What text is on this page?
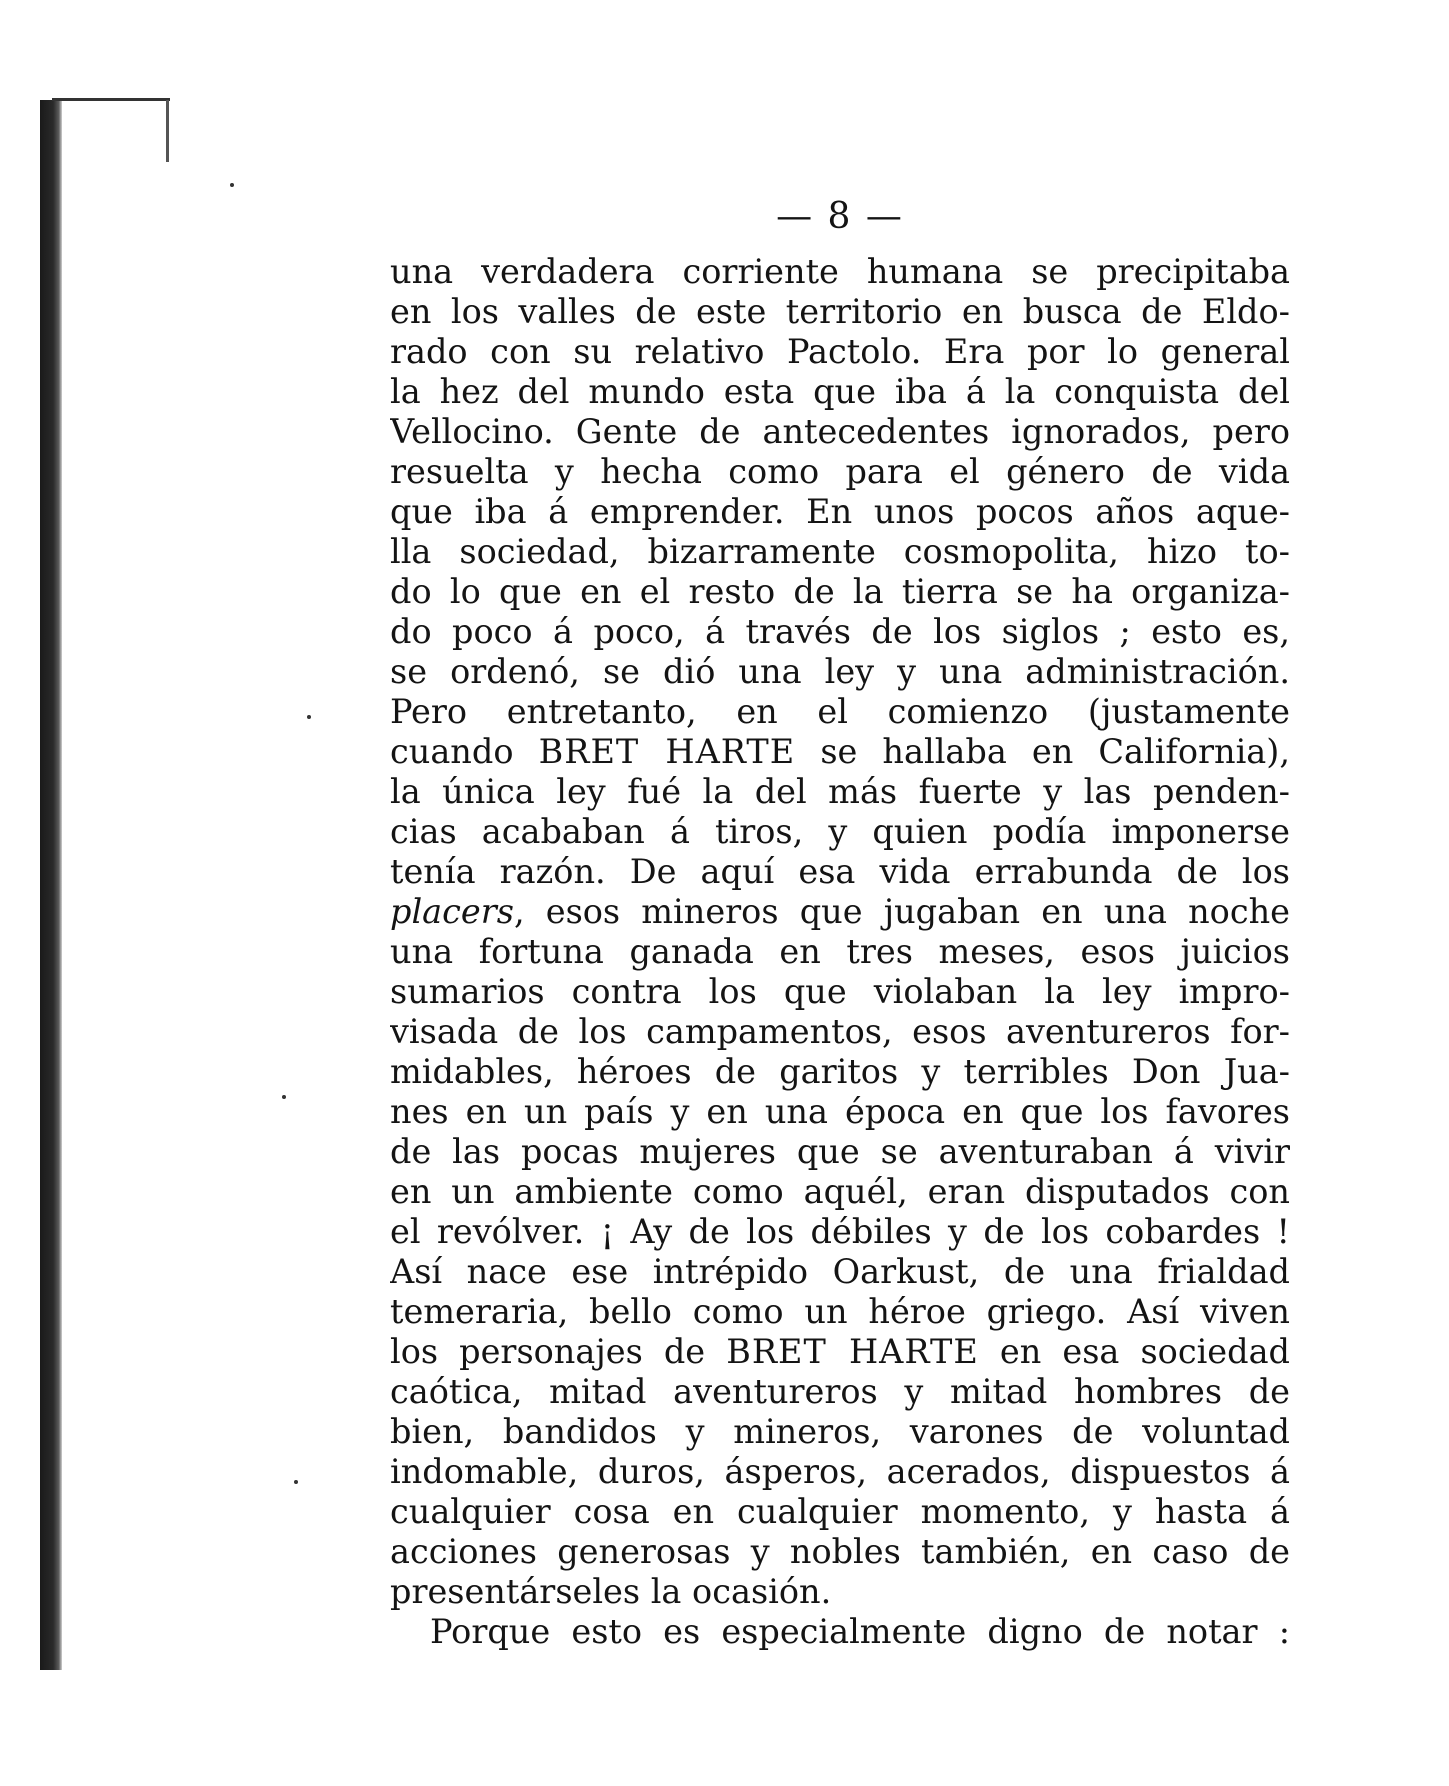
— 8 —
una verdadera corriente humana se precipitaba
en los valles de este territorio en busca de Eldo-
rado con su relativo Pactolo. Era por lo general
la hez del mundo esta que iba á la conquista del
Vellocino. Gente de antecedentes ignorados, pero
resuelta y hecha como para el género de vida
que iba á emprender. En unos pocos años aque-
lla sociedad, bizarramente cosmopolita, hizo to-
do lo que en el resto de la tierra se ha organiza-
do poco á poco, á través de los siglos ; esto es,
se ordenó, se dió una ley y una administración.
Pero entretanto, en el comienzo (justamente
cuando BRET HARTE se hallaba en California),
la única ley fué la del más fuerte y las penden-
cias acababan á tiros, y quien podía imponerse
tenía razón. De aquí esa vida errabunda de los
placers, esos mineros que jugaban en una noche
una fortuna ganada en tres meses, esos juicios
sumarios contra los que violaban la ley impro-
visada de los campamentos, esos aventureros for-
midables, héroes de garitos y terribles Don Jua-
nes en un país y en una época en que los favores
de las pocas mujeres que se aventuraban á vivir
en un ambiente como aquél, eran disputados con
el revólver. ¡ Ay de los débiles y de los cobardes !
Así nace ese intrépido Oarkust, de una frialdad
temeraria, bello como un héroe griego. Así viven
los personajes de BRET HARTE en esa sociedad
caótica, mitad aventureros y mitad hombres de
bien, bandidos y mineros, varones de voluntad
indomable, duros, ásperos, acerados, dispuestos á
cualquier cosa en cualquier momento, y hasta á
acciones generosas y nobles también, en caso de
presentárseles la ocasión.
Porque esto es especialmente digno de notar :
